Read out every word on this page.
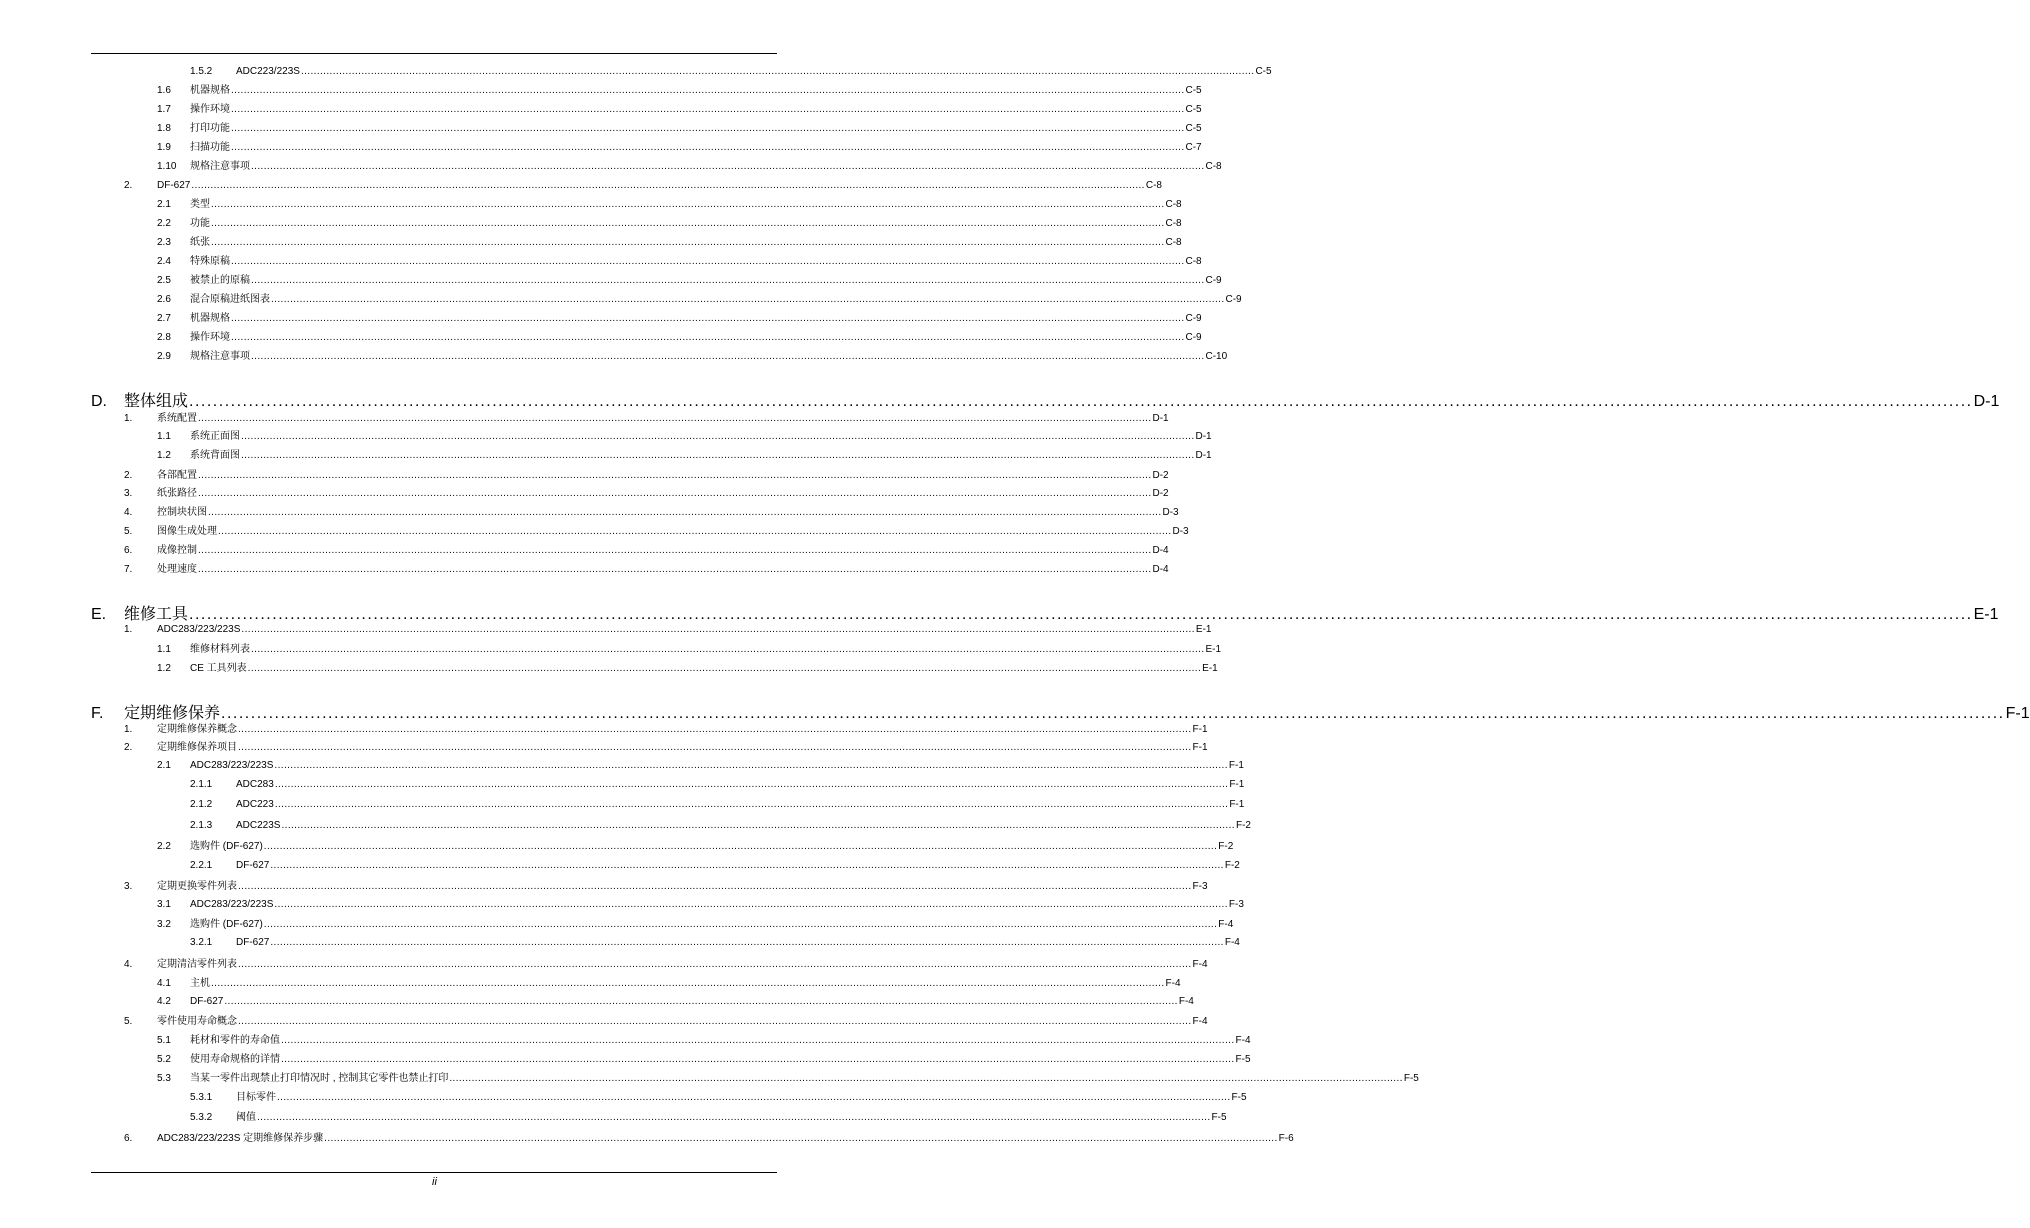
1.5.2 ADC223/223S ............................................................................................................................................................................................................................................................................................................ C-5
1.6 机器规格 ............................................................................................................................................................................................................................................................................................................ C-5
1.7 操作环境 ............................................................................................................................................................................................................................................................................................................ C-5
1.8 打印功能 ............................................................................................................................................................................................................................................................................................................ C-5
1.9 扫描功能 ............................................................................................................................................................................................................................................................................................................ C-7
1.10 规格注意事项 ............................................................................................................................................................................................................................................................................................................ C-8
2. DF-627 ............................................................................................................................................................................................................................................................................................................ C-8
2.1 类型 ............................................................................................................................................................................................................................................................................................................ C-8
2.2 功能 ............................................................................................................................................................................................................................................................................................................ C-8
2.3 纸张 ............................................................................................................................................................................................................................................................................................................ C-8
2.4 特殊原稿 ............................................................................................................................................................................................................................................................................................................ C-8
2.5 被禁止的原稿 ............................................................................................................................................................................................................................................................................................................ C-9
2.6 混合原稿进纸图表 ............................................................................................................................................................................................................................................................................................................ C-9
2.7 机器规格 ............................................................................................................................................................................................................................................................................................................ C-9
2.8 操作环境 ............................................................................................................................................................................................................................................................................................................ C-9
2.9 规格注意事项 ............................................................................................................................................................................................................................................................................................................ C-10
D. 整体组成 ............................................................................................................................................................................................................................................................................................................ D-1
1. 系统配置 ............................................................................................................................................................................................................................................................................................................ D-1
1.1 系统正面图 ............................................................................................................................................................................................................................................................................................................ D-1
1.2 系统背面图 ............................................................................................................................................................................................................................................................................................................ D-1
2. 各部配置 ............................................................................................................................................................................................................................................................................................................ D-2
3. 纸张路径 ............................................................................................................................................................................................................................................................................................................ D-2
4. 控制块状图 ............................................................................................................................................................................................................................................................................................................ D-3
5. 图像生成处理 ............................................................................................................................................................................................................................................................................................................ D-3
6. 成像控制 ............................................................................................................................................................................................................................................................................................................ D-4
7. 处理速度 ............................................................................................................................................................................................................................................................................................................ D-4
E. 维修工具 ............................................................................................................................................................................................................................................................................................................ E-1
1. ADC283/223/223S ............................................................................................................................................................................................................................................................................................................ E-1
1.1 维修材料列表 ............................................................................................................................................................................................................................................................................................................ E-1
1.2 CE 工具列表 ............................................................................................................................................................................................................................................................................................................ E-1
F. 定期维修保养 ............................................................................................................................................................................................................................................................................................................ F-1
1. 定期维修保养概念 ............................................................................................................................................................................................................................................................................................................ F-1
2. 定期维修保养项目 ............................................................................................................................................................................................................................................................................................................ F-1
2.1 ADC283/223/223S ............................................................................................................................................................................................................................................................................................................ F-1
2.1.1 ADC283 ............................................................................................................................................................................................................................................................................................................ F-1
2.1.2 ADC223 ............................................................................................................................................................................................................................................................................................................ F-1
2.1.3 ADC223S ............................................................................................................................................................................................................................................................................................................ F-2
2.2 选购件 (DF-627) ............................................................................................................................................................................................................................................................................................................ F-2
2.2.1 DF-627 ............................................................................................................................................................................................................................................................................................................ F-2
3. 定期更换零件列表 ............................................................................................................................................................................................................................................................................................................ F-3
3.1 ADC283/223/223S ............................................................................................................................................................................................................................................................................................................ F-3
3.2 选购件 (DF-627) ............................................................................................................................................................................................................................................................................................................ F-4
3.2.1 DF-627 ............................................................................................................................................................................................................................................................................................................ F-4
4. 定期清洁零件列表 ............................................................................................................................................................................................................................................................................................................ F-4
4.1 主机 ............................................................................................................................................................................................................................................................................................................ F-4
4.2 DF-627 ............................................................................................................................................................................................................................................................................................................ F-4
5. 零件使用寿命概念 ............................................................................................................................................................................................................................................................................................................ F-4
5.1 耗材和零件的寿命值 ............................................................................................................................................................................................................................................................................................................ F-4
5.2 使用寿命规格的详情 ............................................................................................................................................................................................................................................................................................................ F-5
5.3 当某一零件出现禁止打印情况时 , 控制其它零件也禁止打印 ............................................................................................................................................................................................................................................................................................................ F-5
5.3.1 目标零件 ............................................................................................................................................................................................................................................................................................................ F-5
5.3.2 阈值 ............................................................................................................................................................................................................................................................................................................ F-5
6. ADC283/223/223S 定期维修保养步骤 ............................................................................................................................................................................................................................................................................................................ F-6
ii
